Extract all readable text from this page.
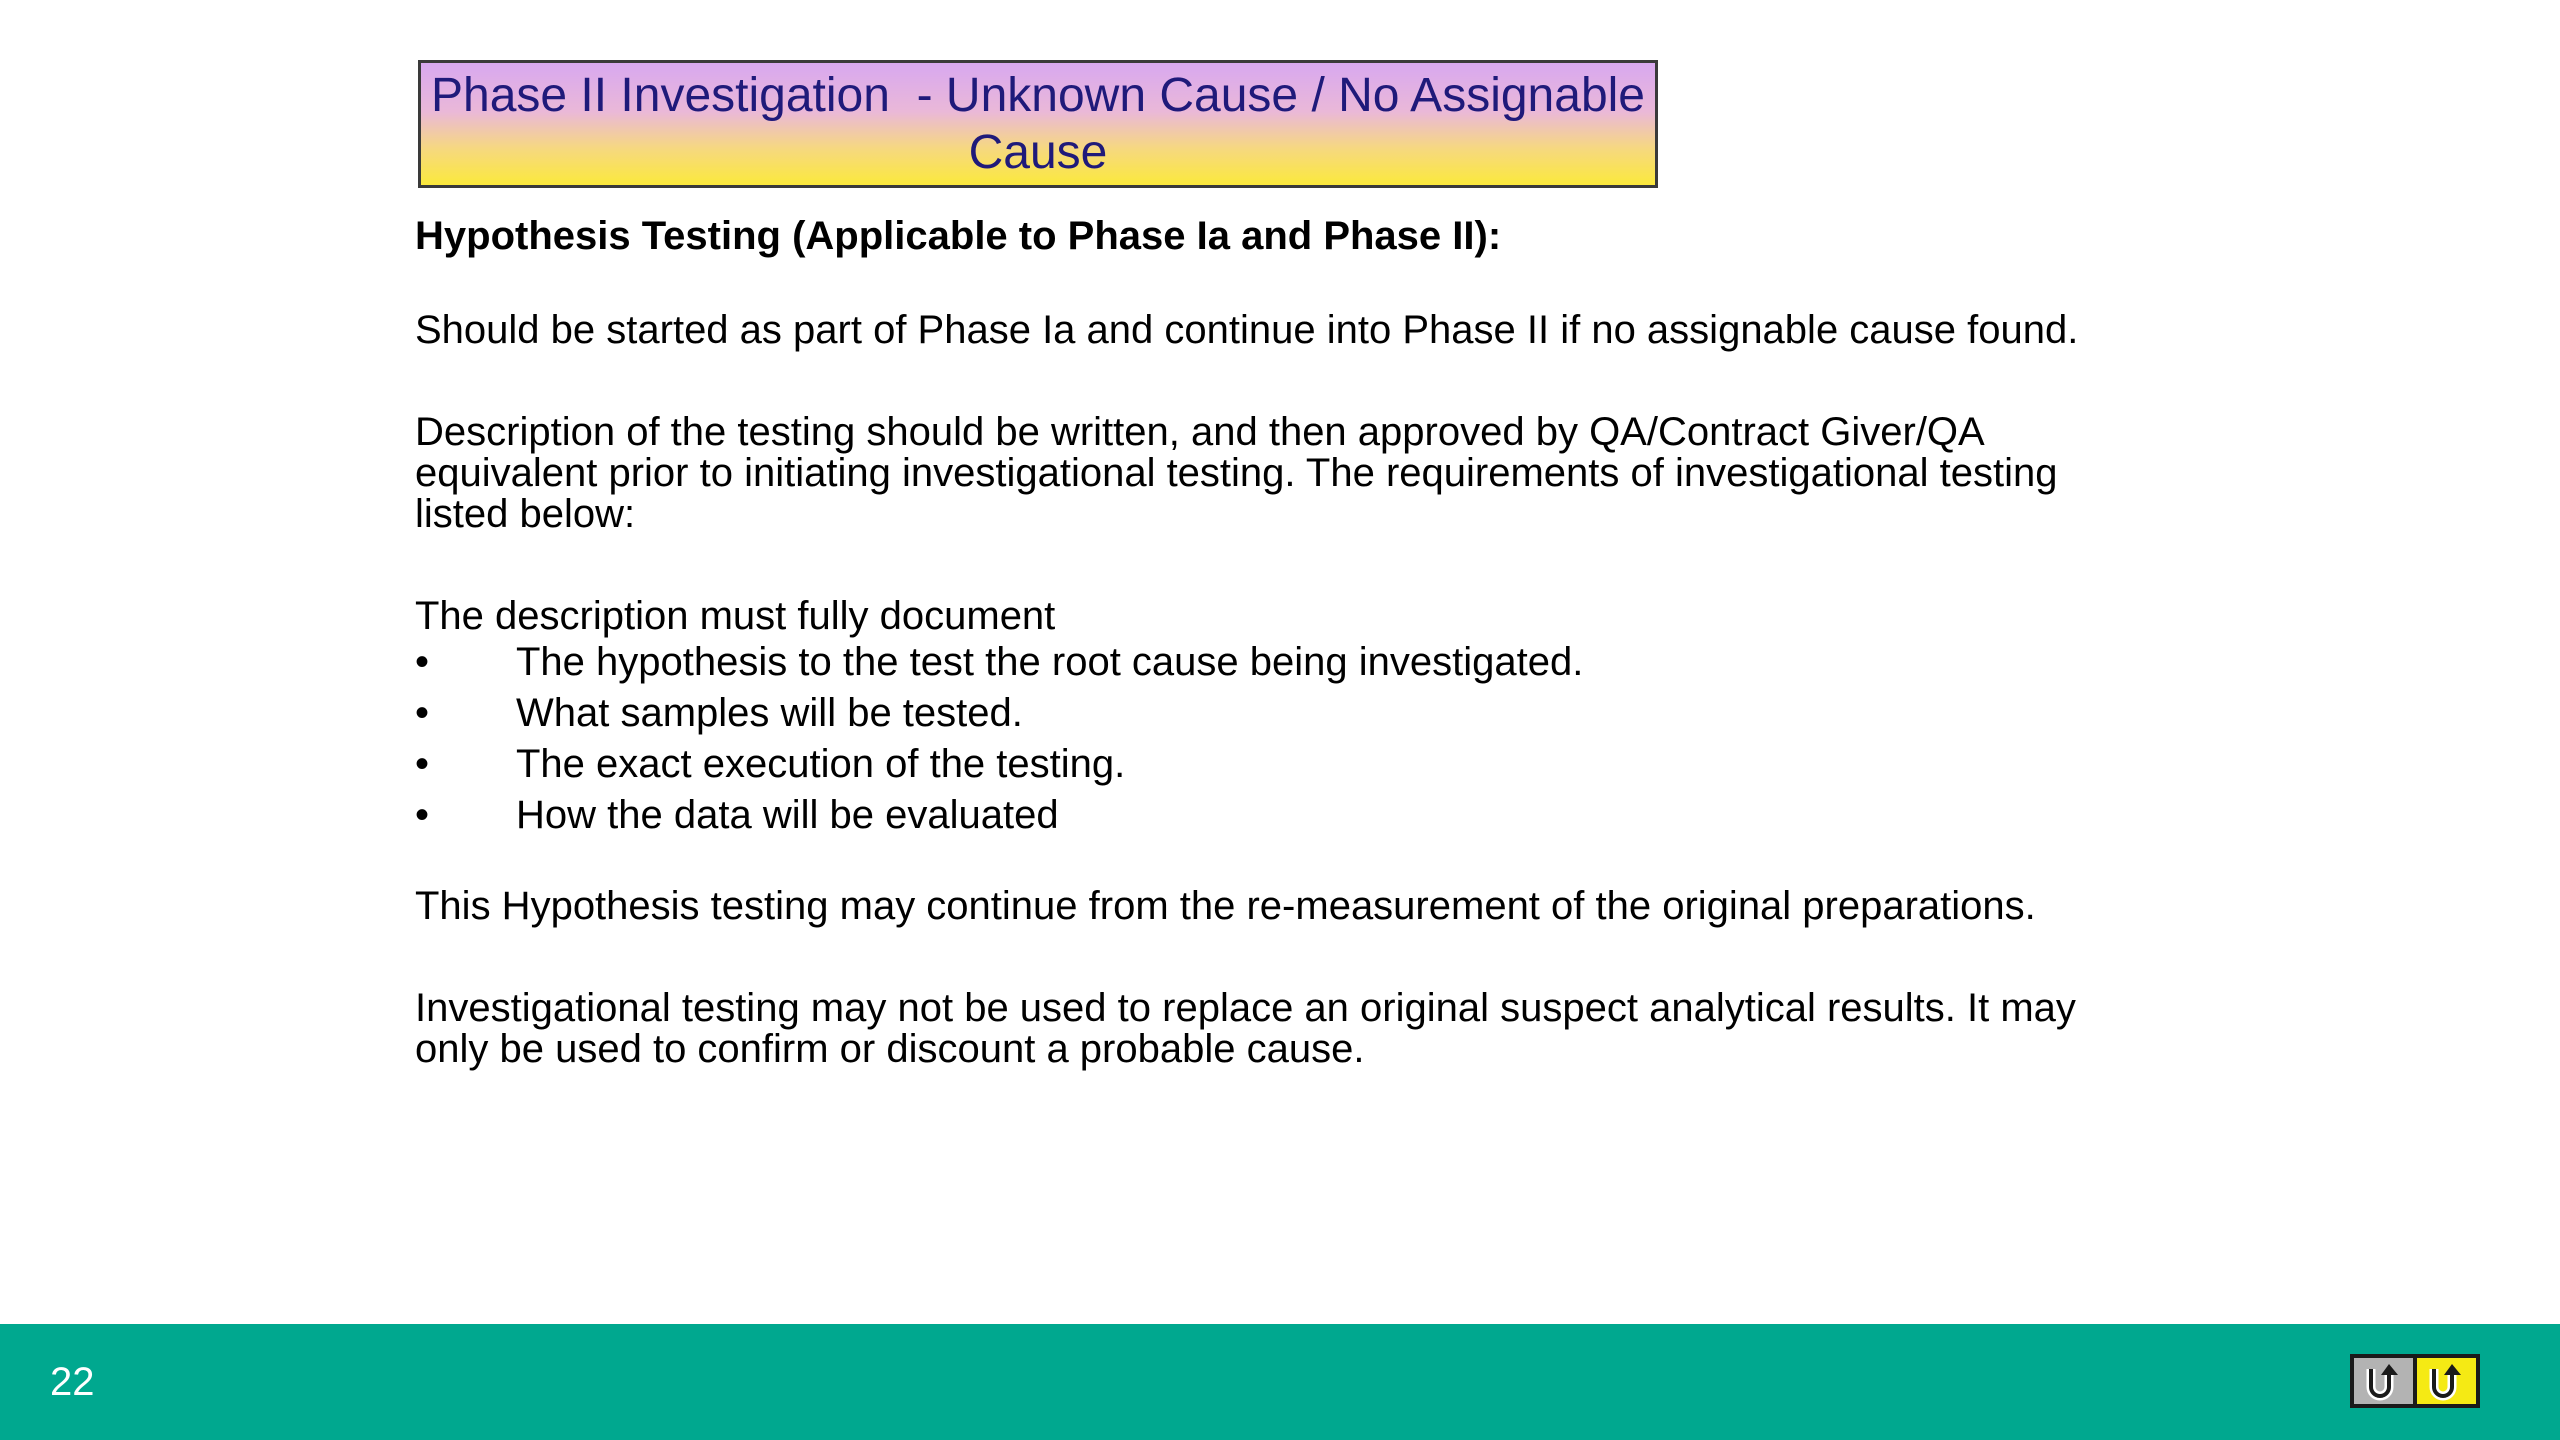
Phase II Investigation  - Unknown Cause / No Assignable Cause

Hypothesis Testing (Applicable to Phase Ia and Phase II):

Should be started as part of Phase Ia and continue into Phase II if no assignable cause found.

Description of the testing should be written, and then approved by QA/Contract Giver/QA equivalent prior to initiating investigational testing. The requirements of investigational testing listed below:

The description must fully document

• The hypothesis to the test the root cause being investigated.
• What samples will be tested.
• The exact execution of the testing.
• How the data will be evaluated

This Hypothesis testing may continue from the re-measurement of the original preparations.

Investigational testing may not be used to replace an original suspect analytical results. It may only be used to confirm or discount a probable cause.

22
